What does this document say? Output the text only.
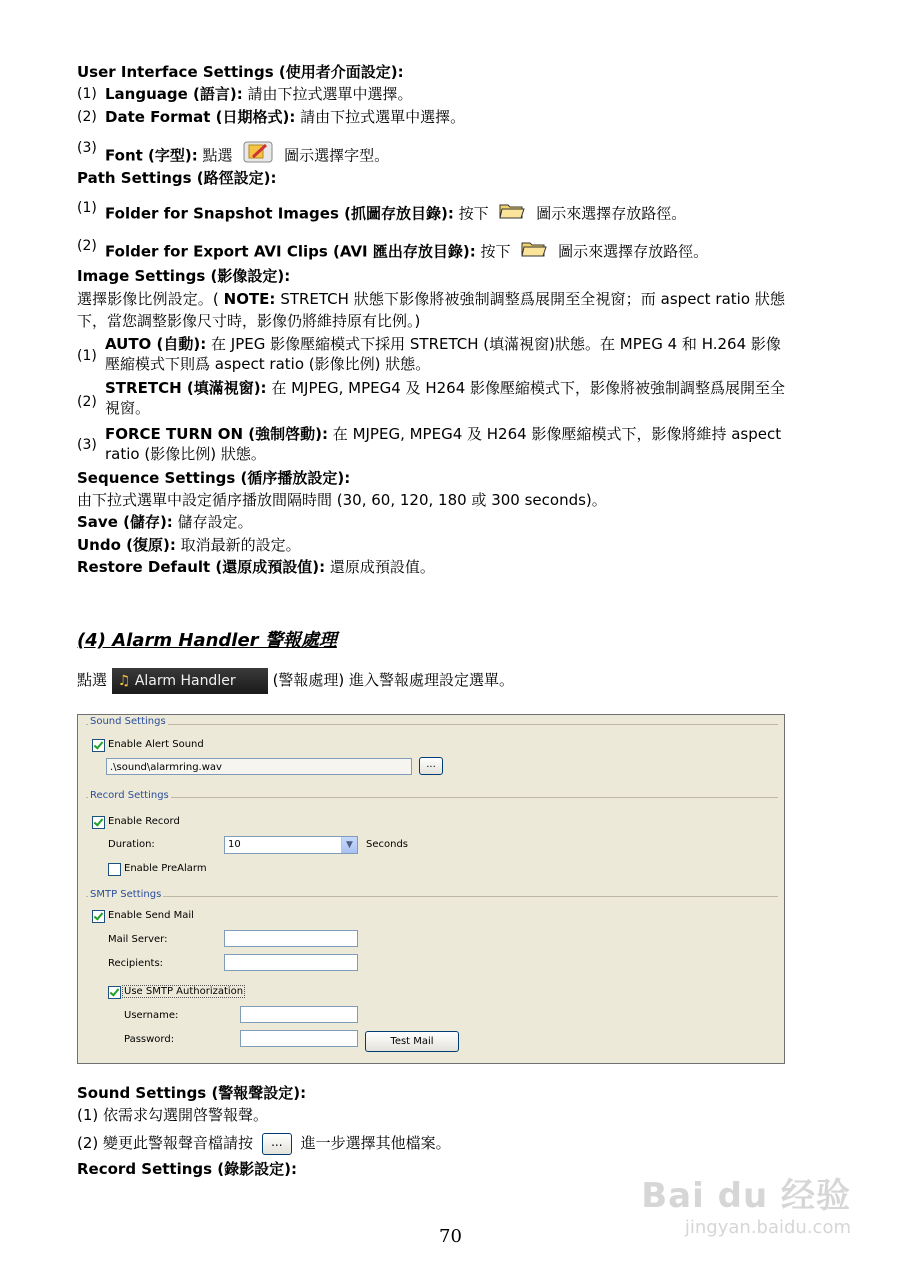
User Interface Settings (使用者介面設定):
(1) Language (語言): 請由下拉式選單中選擇。
(2) Date Format (日期格式): 請由下拉式選單中選擇。
(3) Font (字型): 點選	圖示選擇字型。
Path Settings (路徑設定):
(1) Folder for Snapshot Images (抓圖存放目錄): 按下	圖示來選擇存放路徑。
(2) Folder for Export AVI Clips (AVI 匯出存放目錄): 按下	圖示來選擇存放路徑。
Image Settings (影像設定):
選擇影像比例設定。( NOTE: STRETCH 狀態下影像將被強制調整爲展開至全視窗；而 aspect ratio 狀態下，當您調整影像尺寸時，影像仍將維持原有比例。)
(1)
AUTO (自動): 在 JPEG 影像壓縮模式下採用 STRETCH (填滿視窗)狀態。在 MPEG 4 和 H.264 影像壓縮模式下則爲 aspect ratio (影像比例) 狀態。
(2)
STRETCH (填滿視窗): 在 MJPEG, MPEG4 及 H264 影像壓縮模式下，影像將被強制調整爲展開至全視窗。
(3)
FORCE TURN ON (強制啓動): 在 MJPEG, MPEG4 及 H264 影像壓縮模式下，影像將維持 aspect ratio (影像比例) 狀態。
Sequence Settings (循序播放設定):
由下拉式選單中設定循序播放間隔時間 (30, 60, 120, 180 或 300 seconds)。
Save (儲存): 儲存設定。
Undo (復原): 取消最新的設定。
Restore Default (還原成預設值): 還原成預設值。
(4) Alarm Handler 警報處理
點選 ♫ Alarm Handler (警報處理) 進入警報處理設定選單。
Sound Settings
Enable Alert Sound
.\sound\alarmring.wav	...
Record Settings
Enable Record
Duration:	10	▼	Seconds
Enable PreAlarm
SMTP Settings
Enable Send Mail
Mail Server:
Recipients:
Use SMTP Authorization
Username:
Password:	Test Mail
Sound Settings (警報聲設定):
(1) 依需求勾選開啓警報聲。
(2) 變更此警報聲音檔請按 ... 進一步選擇其他檔案。
Record Settings (錄影設定):
Bai du 经验
jingyan.baidu.com
70
